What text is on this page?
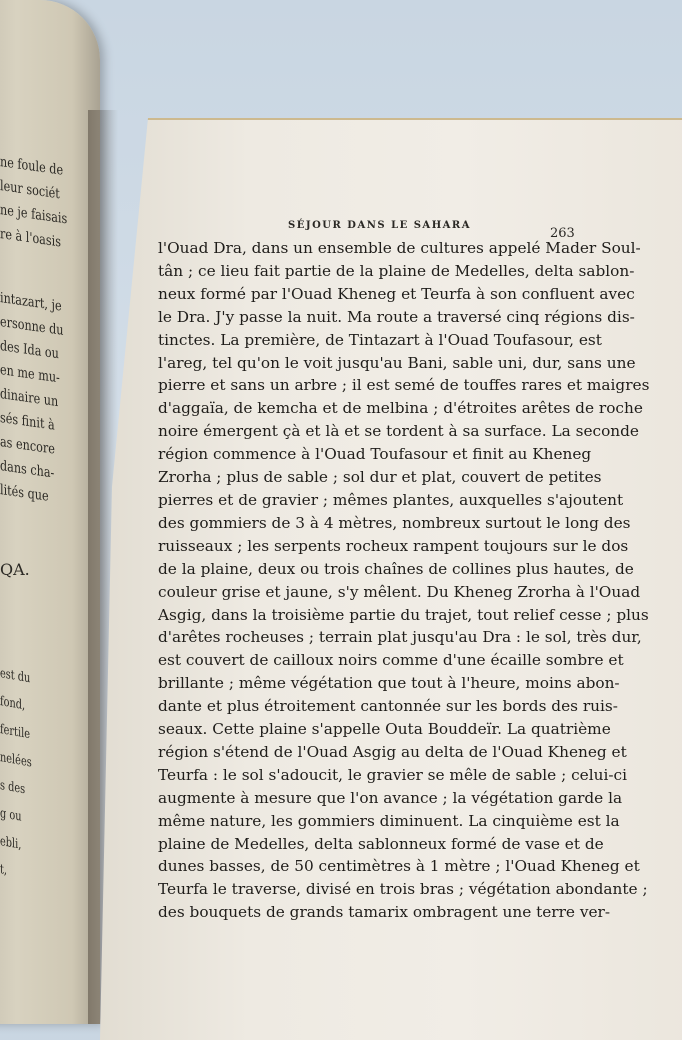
ne foule de
leur sociét
ne je faisais
re à l'oasis
intazart, je
ersonne du
des Ida ou
en me mu-
dinaire un
sés finit à
as encore
dans cha-
lités que
QA.
est du
fond,
fertile
nelées
s des
g ou
ebli,
t,
SÉJOUR DANS LE SAHARA
263
l'Ouad Dra, dans un ensemble de cultures appelé Mader Soul-
tân ; ce lieu fait partie de la plaine de Medelles, delta sablon-
neux formé par l'Ouad Kheneg et Teurfa à son confluent avec
le Dra. J'y passe la nuit. Ma route a traversé cinq régions dis-
tinctes. La première, de Tintazart à l'Ouad Toufasour, est
l'areg, tel qu'on le voit jusqu'au Bani, sable uni, dur, sans une
pierre et sans un arbre ; il est semé de touffes rares et maigres
d'aggaïa, de kemcha et de melbina ; d'étroites arêtes de roche
noire émergent çà et là et se tordent à sa surface. La seconde
région commence à l'Ouad Toufasour et finit au Kheneg
Zrorha ; plus de sable ; sol dur et plat, couvert de petites
pierres et de gravier ; mêmes plantes, auxquelles s'ajoutent
des gommiers de 3 à 4 mètres, nombreux surtout le long des
ruisseaux ; les serpents rocheux rampent toujours sur le dos
de la plaine, deux ou trois chaînes de collines plus hautes, de
couleur grise et jaune, s'y mêlent. Du Kheneg Zrorha à l'Ouad
Asgig, dans la troisième partie du trajet, tout relief cesse ; plus
d'arêtes rocheuses ; terrain plat jusqu'au Dra : le sol, très dur,
est couvert de cailloux noirs comme d'une écaille sombre et
brillante ; même végétation que tout à l'heure, moins abon-
dante et plus étroitement cantonnée sur les bords des ruis-
seaux. Cette plaine s'appelle Outa Bouddeïr. La quatrième
région s'étend de l'Ouad Asgig au delta de l'Ouad Kheneg et
Teurfa : le sol s'adoucit, le gravier se mêle de sable ; celui-ci
augmente à mesure que l'on avance ; la végétation garde la
même nature, les gommiers diminuent. La cinquième est la
plaine de Medelles, delta sablonneux formé de vase et de
dunes basses, de 50 centimètres à 1 mètre ; l'Ouad Kheneg et
Teurfa le traverse, divisé en trois bras ; végétation abondante ;
des bouquets de grands tamarix ombragent une terre ver-
